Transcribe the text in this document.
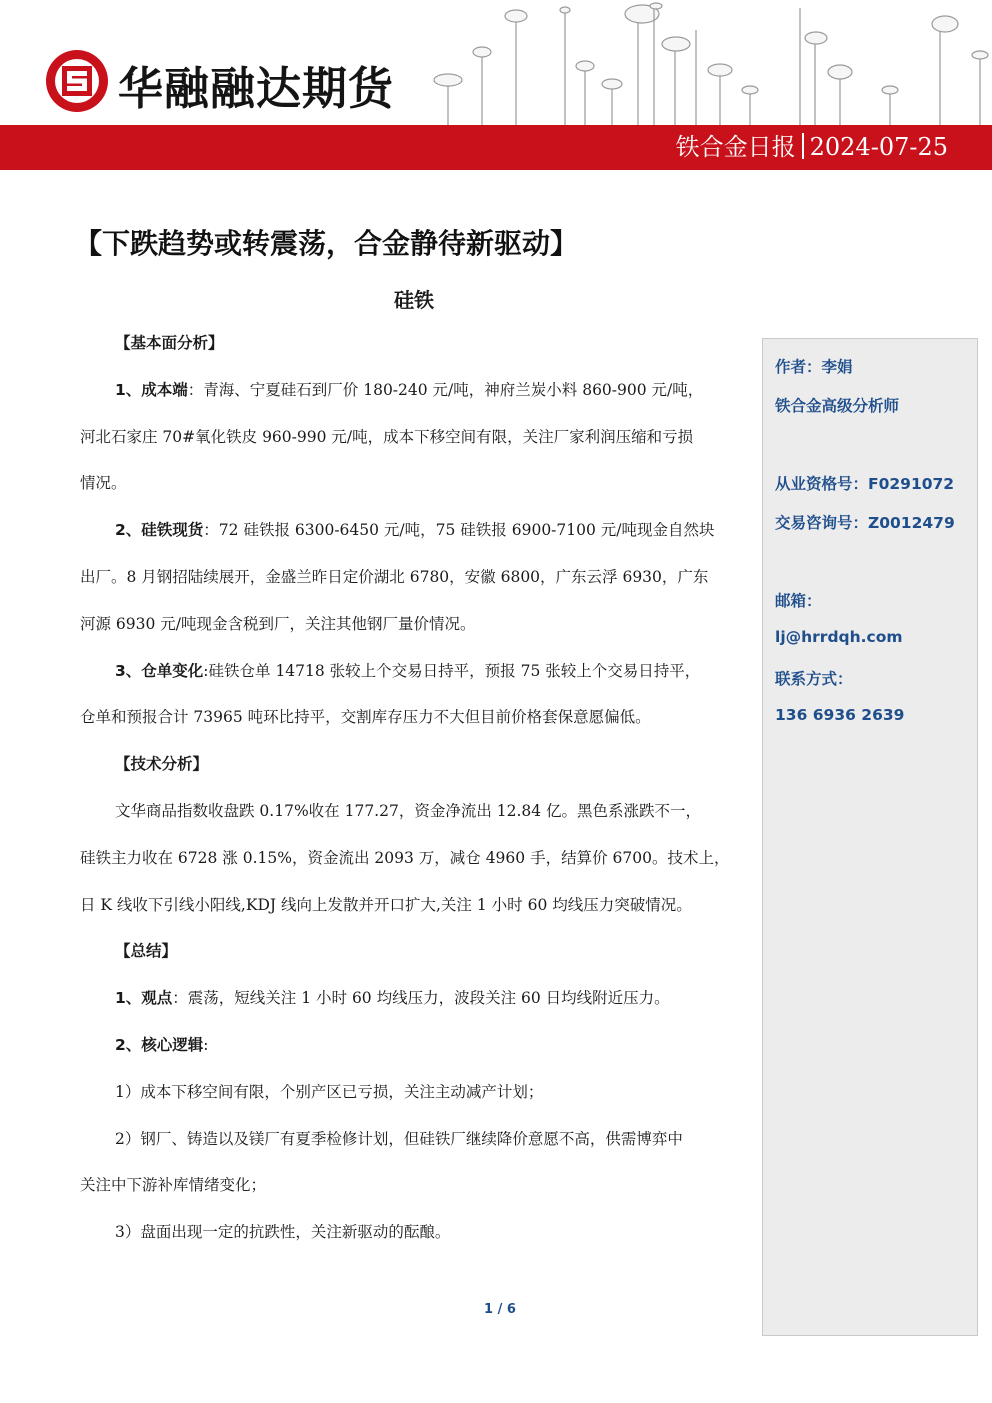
华融融达期货
铁合金日报 2024-07-25
【下跌趋势或转震荡，合金静待新驱动】
硅铁
【基本面分析】
1、成本端：青海、宁夏硅石到厂价 180-240 元/吨，神府兰炭小料 860-900 元/吨，
河北石家庄 70#氧化铁皮 960-990 元/吨，成本下移空间有限，关注厂家利润压缩和亏损
情况。
2、硅铁现货：72 硅铁报 6300-6450 元/吨，75 硅铁报 6900-7100 元/吨现金自然块
出厂。8 月钢招陆续展开，金盛兰昨日定价湖北 6780，安徽 6800，广东云浮 6930，广东
河源 6930 元/吨现金含税到厂，关注其他钢厂量价情况。
3、仓单变化:硅铁仓单 14718 张较上个交易日持平，预报 75 张较上个交易日持平，
仓单和预报合计 73965 吨环比持平，交割库存压力不大但目前价格套保意愿偏低。
【技术分析】
文华商品指数收盘跌 0.17%收在 177.27，资金净流出 12.84 亿。黑色系涨跌不一，
硅铁主力收在 6728 涨 0.15%，资金流出 2093 万，减仓 4960 手，结算价 6700。技术上，
日 K 线收下引线小阳线,KDJ 线向上发散并开口扩大,关注 1 小时 60 均线压力突破情况。
【总结】
1、观点：震荡，短线关注 1 小时 60 均线压力，波段关注 60 日均线附近压力。
2、核心逻辑:
1）成本下移空间有限，个别产区已亏损，关注主动减产计划；
2）钢厂、铸造以及镁厂有夏季检修计划，但硅铁厂继续降价意愿不高，供需博弈中
关注中下游补库情绪变化；
3）盘面出现一定的抗跌性，关注新驱动的酝酿。
作者：李娟
铁合金高级分析师
从业资格号：F0291072
交易咨询号：Z0012479
邮箱：
lj@hrrdqh.com
联系方式：
136 6936 2639
1 / 6
